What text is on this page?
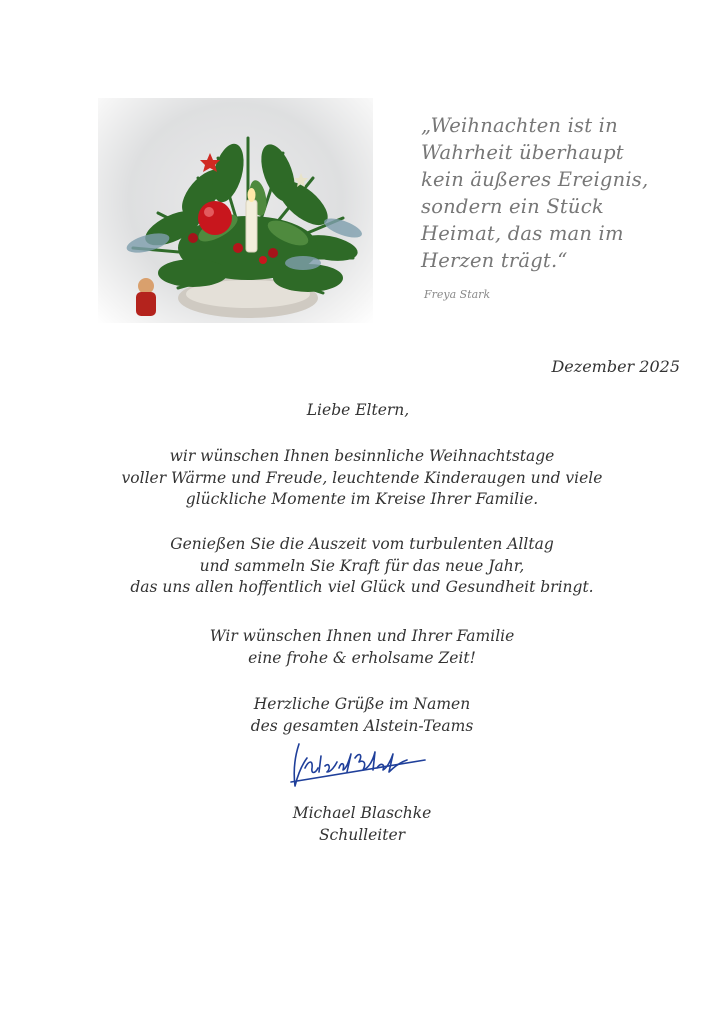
„Weihnachten ist in
Wahrheit überhaupt
kein äußeres Ereignis,
sondern ein Stück
Heimat, das man im
Herzen trägt.“
Freya Stark
Dezember 2025
Liebe Eltern,
wir wünschen Ihnen besinnliche Weihnachtstage
voller Wärme und Freude, leuchtende Kinderaugen und viele
glückliche Momente im Kreise Ihrer Familie.
Genießen Sie die Auszeit vom turbulenten Alltag
und sammeln Sie Kraft für das neue Jahr,
das uns allen hoffentlich viel Glück und Gesundheit bringt.
Wir wünschen Ihnen und Ihrer Familie
eine frohe & erholsame Zeit!
Herzliche Grüße im Namen
des gesamten Alstein-Teams
Michael Blaschke
Schulleiter
